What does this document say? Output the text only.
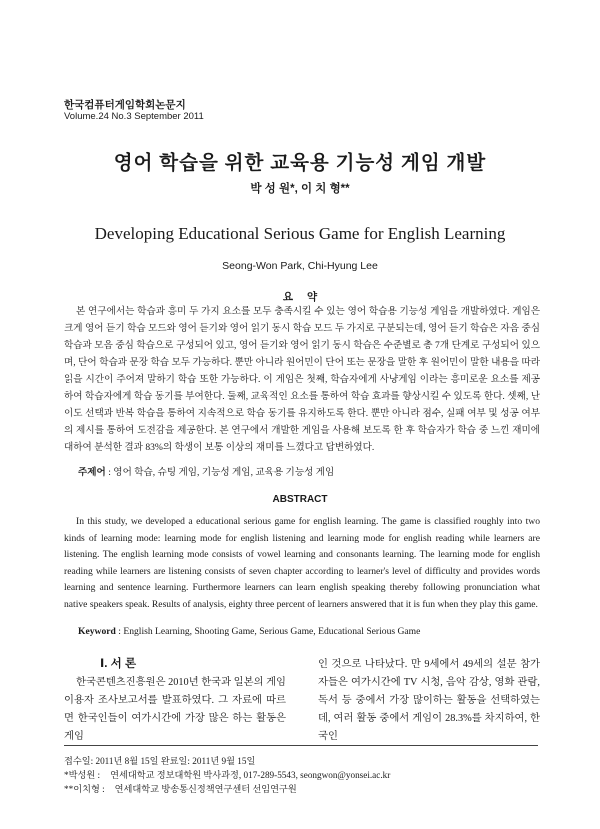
한국컴퓨터게임학회논문지
Volume.24 No.3 September 2011
영어 학습을 위한 교육용 기능성 게임 개발
박 성 원*, 이 치 형**
Developing Educational Serious Game for English Learning
Seong-Won Park, Chi-Hyung Lee
요약

본 연구에서는 학습과 흥미 두 가지 요소를 모두 충족시킬 수 있는 영어 학습용 기능성 게임을 개발하였다. 게임은 크게 영어 듣기 학습 모드와 영어 듣기와 영어 읽기 동시 학습 모드 두 가지로 구분되는데, 영어 듣기 학습은 자음 중심 학습과 모음 중심 학습으로 구성되어 있고, 영어 듣기와 영어 읽기 동시 학습은 수준별로 총 7개 단계로 구성되어 있으며, 단어 학습과 문장 학습 모두 가능하다. 뿐만 아니라 원어민이 단어 또는 문장을 말한 후 원어민이 말한 내용을 따라 읽을 시간이 주어져 말하기 학습 또한 가능하다. 이 게임은 첫째, 학습자에게 사냥게임 이라는 흥미로운 요소를 제공하여 학습자에게 학습 동기를 부여한다. 둘째, 교육적인 요소를 통하여 학습 효과를 향상시킬 수 있도록 한다. 셋째, 난이도 선택과 반복 학습을 통하여 지속적으로 학습 동기를 유지하도록 한다. 뿐만 아니라 점수, 실패 여부 및 성공 여부의 제시를 통하여 도전감을 제공한다. 본 연구에서 개발한 게임을 사용해 보도록 한 후 학습자가 학습 중 느낀 재미에 대하여 분석한 결과 83%의 학생이 보통 이상의 재미를 느꼈다고 답변하였다.

주제어 : 영어 학습, 슈팅 게임, 기능성 게임, 교육용 기능성 게임
ABSTRACT

In this study, we developed a educational serious game for english learning. The game is classified roughly into two kinds of learning mode: learning mode for english listening and learning mode for english reading while learners are listening. The english learning mode consists of vowel learning and consonants learning. The learning mode for english reading while learners are listening consists of seven chapter according to learner's level of difficulty and provides words learning and sentence learning. Furthermore learners can learn english speaking thereby following pronunciation what native speakers speak. Results of analysis, eighty three percent of learners answered that it is fun when they play this game.

Keyword : English Learning, Shooting Game, Serious Game, Educational Serious Game
Ⅰ. 서 론

한국콘텐츠진흥원은 2010년 한국과 일본의 게임 이용자 조사보고서를 발표하였다. 그 자료에 따르면 한국인들이 여가시간에 가장 많은 하는 활동은 게임

인 것으로 나타났다. 만 9세에서 49세의 설문 참가자들은 여가시간에 TV 시청, 음악 감상, 영화 관람, 독서 등 중에서 가장 많이하는 활동을 선택하였는데, 여러 활동 중에서 게임이 28.3%를 차지하여, 한국인

접수일: 2011년 8월 15일 완료일: 2011년 9월 15일
*박성원 : 연세대학교 정보대학원 박사과정, 017-289-5543, seongwon@yonsei.ac.kr
**이치형 : 연세대학교 방송통신정책연구센터 선임연구원
